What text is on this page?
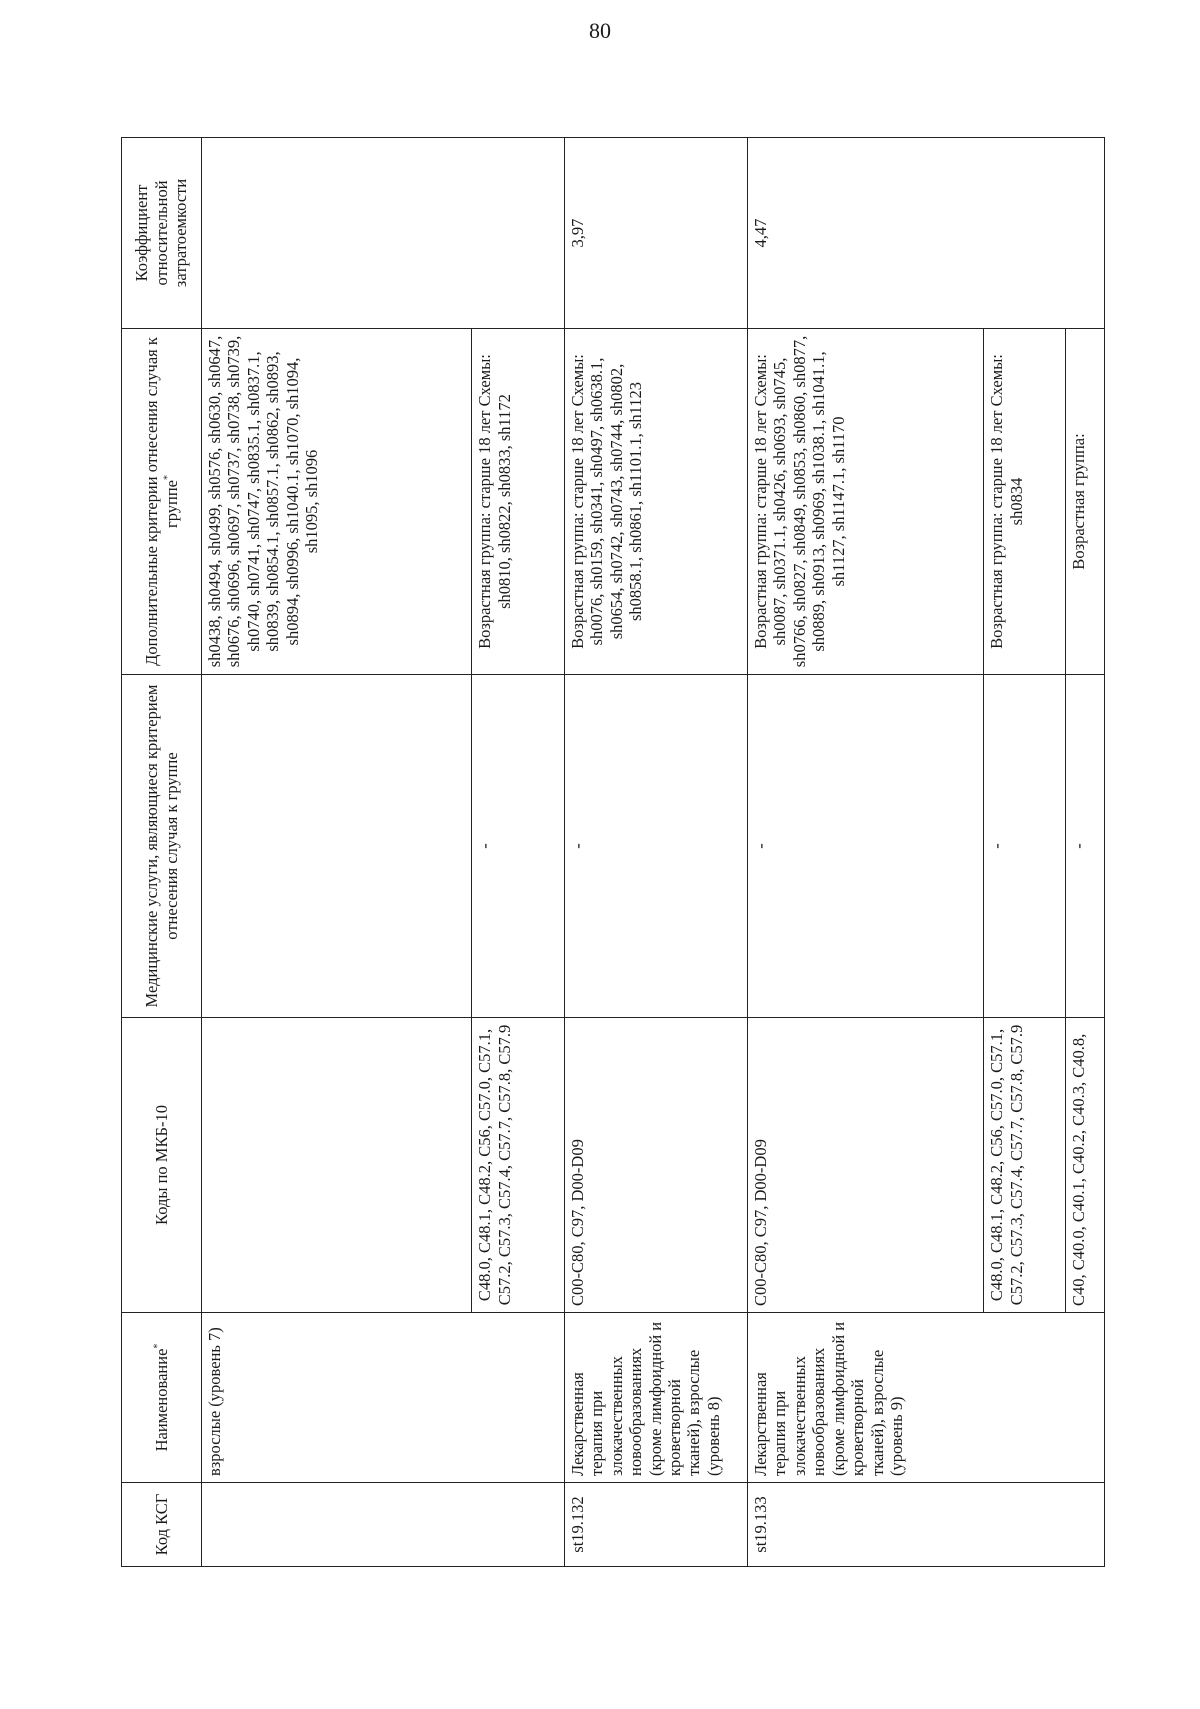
80
Код КСГ	Наименование*	Коды по МКБ-10	Медицинские услуги, являющиеся критерием отнесения случая к группе	Дополнительные критерии отнесения случая к группе*	Коэффициент относительной затратоемкости
	взрослые (уровень 7)			sh0438, sh0494, sh0499, sh0576, sh0630, sh0647, sh0676, sh0696, sh0697, sh0737, sh0738, sh0739, sh0740, sh0741, sh0747, sh0835.1, sh0837.1, sh0839, sh0854.1, sh0857.1, sh0862, sh0893, sh0894, sh0996, sh1040.1, sh1070, sh1094, sh1095, sh1096	
		C48.0, C48.1, C48.2, C56, C57.0, C57.1, C57.2, C57.3, C57.4, C57.7, C57.8, C57.9	-	Возрастная группа: старше 18 лет Схемы: sh0810, sh0822, sh0833, sh1172	
st19.132	Лекарственная терапия при злокачественных новообразованиях (кроме лимфоидной и кроветворной тканей), взрослые (уровень 8)	C00-C80, C97, D00-D09	-	Возрастная группа: старше 18 лет Схемы: sh0076, sh0159, sh0341, sh0497, sh0638.1, sh0654, sh0742, sh0743, sh0744, sh0802, sh0858.1, sh0861, sh1101.1, sh1123	3,97
st19.133	Лекарственная терапия при злокачественных новообразованиях (кроме лимфоидной и кроветворной тканей), взрослые (уровень 9)	C00-C80, C97, D00-D09	-	Возрастная группа: старше 18 лет Схемы: sh0087, sh0371.1, sh0426, sh0693, sh0745, sh0766, sh0827, sh0849, sh0853, sh0860, sh0877, sh0889, sh0913, sh0969, sh1038.1, sh1041.1, sh1127, sh1147.1, sh1170	4,47
		C48.0, C48.1, C48.2, C56, C57.0, C57.1, C57.2, C57.3, C57.4, C57.7, C57.8, C57.9	-	Возрастная группа: старше 18 лет Схемы: sh0834	
		C40, C40.0, C40.1, C40.2, C40.3, C40.8,	-	Возрастная группа:	
